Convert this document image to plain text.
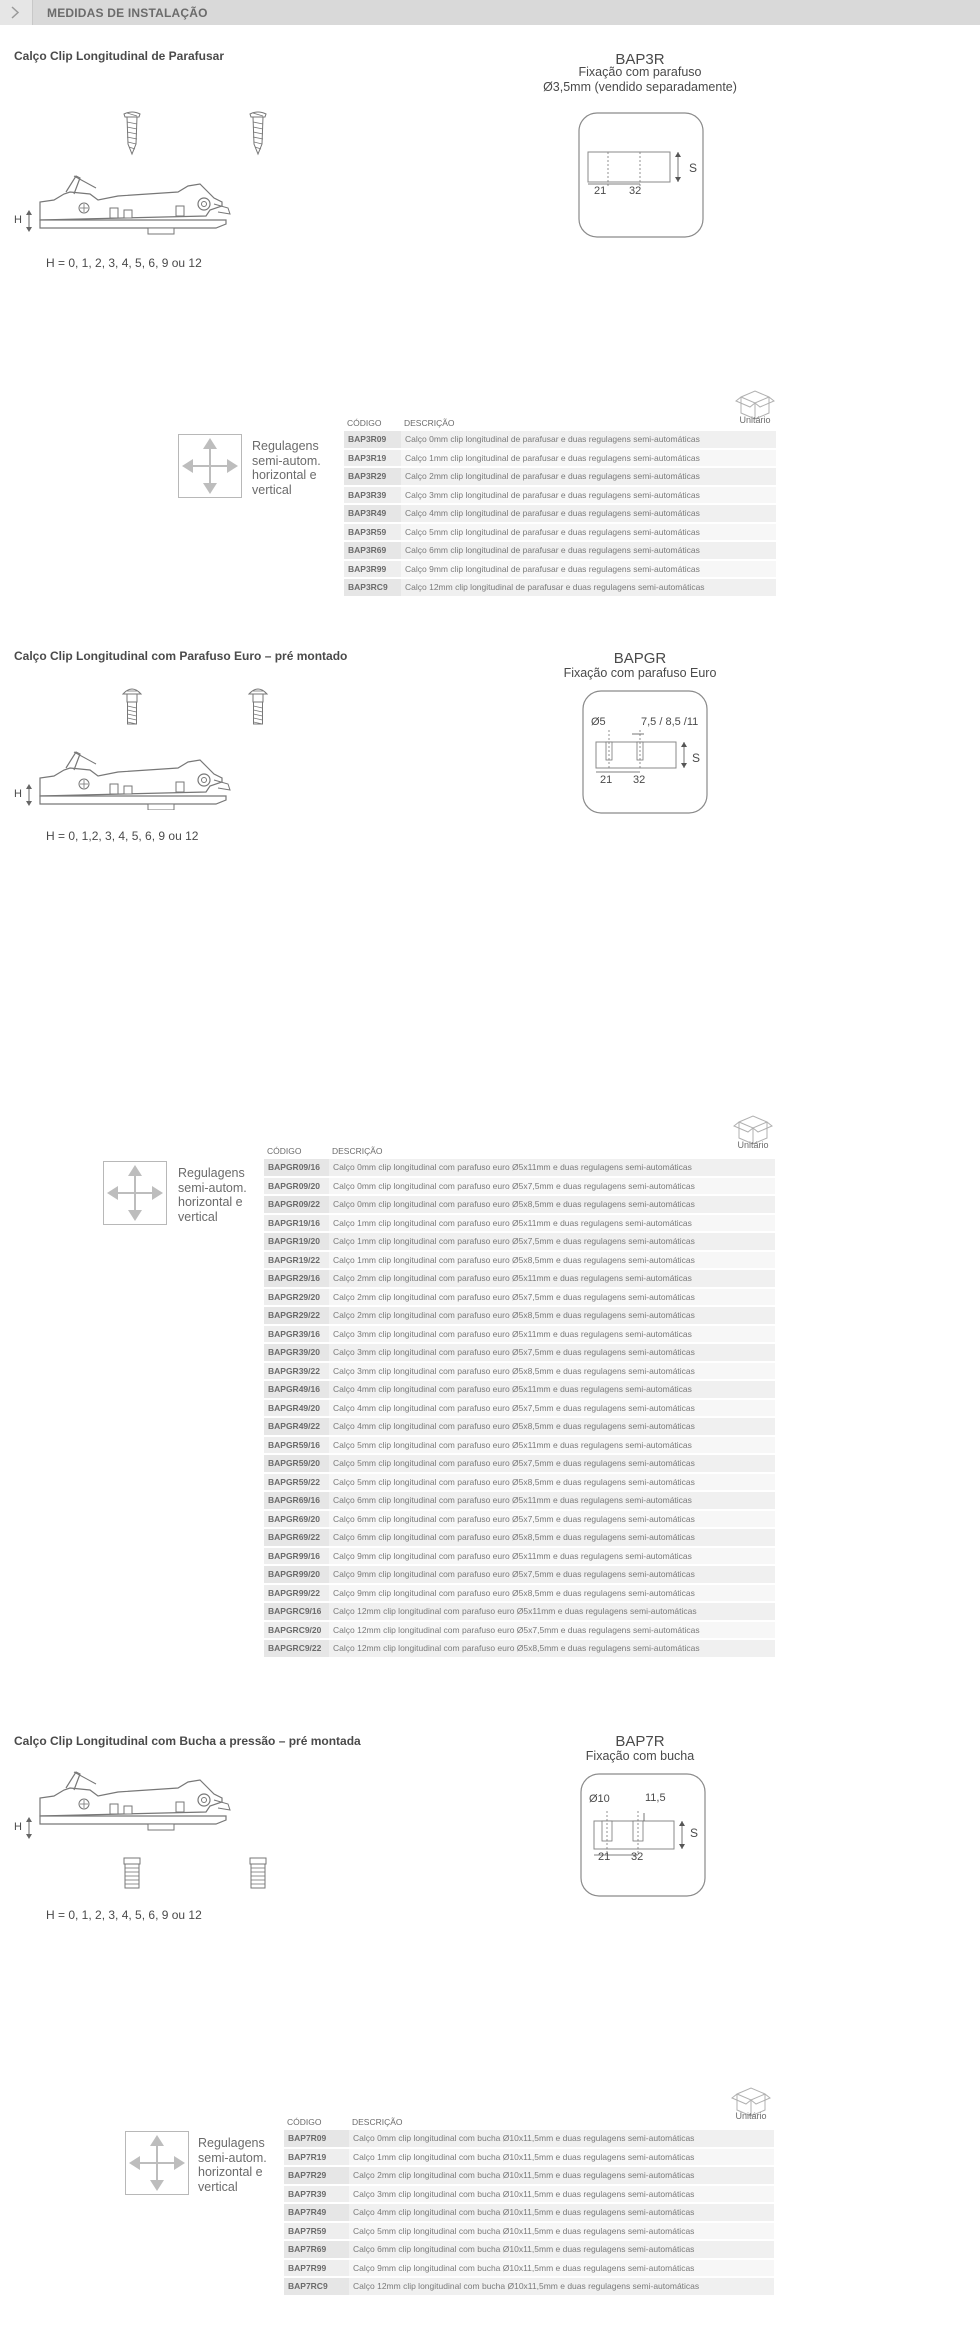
MEDIDAS DE INSTALAÇÃO
Calço Clip Longitudinal de Parafusar
H
H = 0, 1, 2, 3, 4, 5, 6, 9 ou 12
BAP3R
Fixação com parafuso
Ø3,5mm (vendido separadamente)
21 32
S
Regulagens
semi-autom.
horizontal e
vertical
Unitário
CÓDIGO	DESCRIÇÃO
BAP3R09	Calço 0mm clip longitudinal de parafusar e duas regulagens semi-automáticas
BAP3R19	Calço 1mm clip longitudinal de parafusar e duas regulagens semi-automáticas
BAP3R29	Calço 2mm clip longitudinal de parafusar e duas regulagens semi-automáticas
BAP3R39	Calço 3mm clip longitudinal de parafusar e duas regulagens semi-automáticas
BAP3R49	Calço 4mm clip longitudinal de parafusar e duas regulagens semi-automáticas
BAP3R59	Calço 5mm clip longitudinal de parafusar e duas regulagens semi-automáticas
BAP3R69	Calço 6mm clip longitudinal de parafusar e duas regulagens semi-automáticas
BAP3R99	Calço 9mm clip longitudinal de parafusar e duas regulagens semi-automáticas
BAP3RC9	Calço 12mm clip longitudinal de parafusar e duas regulagens semi-automáticas
Calço Clip Longitudinal com Parafuso Euro – pré montado
H
H = 0, 1,2, 3, 4, 5, 6, 9 ou 12
BAPGR
Fixação com parafuso Euro
Ø5	7,5 / 8,5 /11
21 32
S
Regulagens
semi-autom.
horizontal e
vertical
Unitário
CÓDIGO	DESCRIÇÃO
BAPGR09/16	Calço 0mm clip longitudinal com parafuso euro Ø5x11mm e duas regulagens semi-automáticas
BAPGR09/20	Calço 0mm clip longitudinal com parafuso euro Ø5x7,5mm e duas regulagens semi-automáticas
BAPGR09/22	Calço 0mm clip longitudinal com parafuso euro Ø5x8,5mm e duas regulagens semi-automáticas
BAPGR19/16	Calço 1mm clip longitudinal com parafuso euro Ø5x11mm e duas regulagens semi-automáticas
BAPGR19/20	Calço 1mm clip longitudinal com parafuso euro Ø5x7,5mm e duas regulagens semi-automáticas
BAPGR19/22	Calço 1mm clip longitudinal com parafuso euro Ø5x8,5mm e duas regulagens semi-automáticas
BAPGR29/16	Calço 2mm clip longitudinal com parafuso euro Ø5x11mm e duas regulagens semi-automáticas
BAPGR29/20	Calço 2mm clip longitudinal com parafuso euro Ø5x7,5mm e duas regulagens semi-automáticas
BAPGR29/22	Calço 2mm clip longitudinal com parafuso euro Ø5x8,5mm e duas regulagens semi-automáticas
BAPGR39/16	Calço 3mm clip longitudinal com parafuso euro Ø5x11mm e duas regulagens semi-automáticas
BAPGR39/20	Calço 3mm clip longitudinal com parafuso euro Ø5x7,5mm e duas regulagens semi-automáticas
BAPGR39/22	Calço 3mm clip longitudinal com parafuso euro Ø5x8,5mm e duas regulagens semi-automáticas
BAPGR49/16	Calço 4mm clip longitudinal com parafuso euro Ø5x11mm e duas regulagens semi-automáticas
BAPGR49/20	Calço 4mm clip longitudinal com parafuso euro Ø5x7,5mm e duas regulagens semi-automáticas
BAPGR49/22	Calço 4mm clip longitudinal com parafuso euro Ø5x8,5mm e duas regulagens semi-automáticas
BAPGR59/16	Calço 5mm clip longitudinal com parafuso euro Ø5x11mm e duas regulagens semi-automáticas
BAPGR59/20	Calço 5mm clip longitudinal com parafuso euro Ø5x7,5mm e duas regulagens semi-automáticas
BAPGR59/22	Calço 5mm clip longitudinal com parafuso euro Ø5x8,5mm e duas regulagens semi-automáticas
BAPGR69/16	Calço 6mm clip longitudinal com parafuso euro Ø5x11mm e duas regulagens semi-automáticas
BAPGR69/20	Calço 6mm clip longitudinal com parafuso euro Ø5x7,5mm e duas regulagens semi-automáticas
BAPGR69/22	Calço 6mm clip longitudinal com parafuso euro Ø5x8,5mm e duas regulagens semi-automáticas
BAPGR99/16	Calço 9mm clip longitudinal com parafuso euro Ø5x11mm e duas regulagens semi-automáticas
BAPGR99/20	Calço 9mm clip longitudinal com parafuso euro Ø5x7,5mm e duas regulagens semi-automáticas
BAPGR99/22	Calço 9mm clip longitudinal com parafuso euro Ø5x8,5mm e duas regulagens semi-automáticas
BAPGRC9/16	Calço 12mm clip longitudinal com parafuso euro Ø5x11mm e duas regulagens semi-automáticas
BAPGRC9/20	Calço 12mm clip longitudinal com parafuso euro Ø5x7,5mm e duas regulagens semi-automáticas
BAPGRC9/22	Calço 12mm clip longitudinal com parafuso euro Ø5x8,5mm e duas regulagens semi-automáticas
Calço Clip Longitudinal com Bucha a pressão – pré montada
H
H = 0, 1, 2, 3, 4, 5, 6, 9 ou 12
BAP7R
Fixação com bucha
Ø10	11,5
21 32
S
Regulagens
semi-autom.
horizontal e
vertical
Unitário
CÓDIGO	DESCRIÇÃO
BAP7R09	Calço 0mm clip longitudinal com bucha Ø10x11,5mm e duas regulagens semi-automáticas
BAP7R19	Calço 1mm clip longitudinal com bucha Ø10x11,5mm e duas regulagens semi-automáticas
BAP7R29	Calço 2mm clip longitudinal com bucha Ø10x11,5mm e duas regulagens semi-automáticas
BAP7R39	Calço 3mm clip longitudinal com bucha Ø10x11,5mm e duas regulagens semi-automáticas
BAP7R49	Calço 4mm clip longitudinal com bucha Ø10x11,5mm e duas regulagens semi-automáticas
BAP7R59	Calço 5mm clip longitudinal com bucha Ø10x11,5mm e duas regulagens semi-automáticas
BAP7R69	Calço 6mm clip longitudinal com bucha Ø10x11,5mm e duas regulagens semi-automáticas
BAP7R99	Calço 9mm clip longitudinal com bucha Ø10x11,5mm e duas regulagens semi-automáticas
BAP7RC9	Calço 12mm clip longitudinal com bucha Ø10x11,5mm e duas regulagens semi-automáticas
